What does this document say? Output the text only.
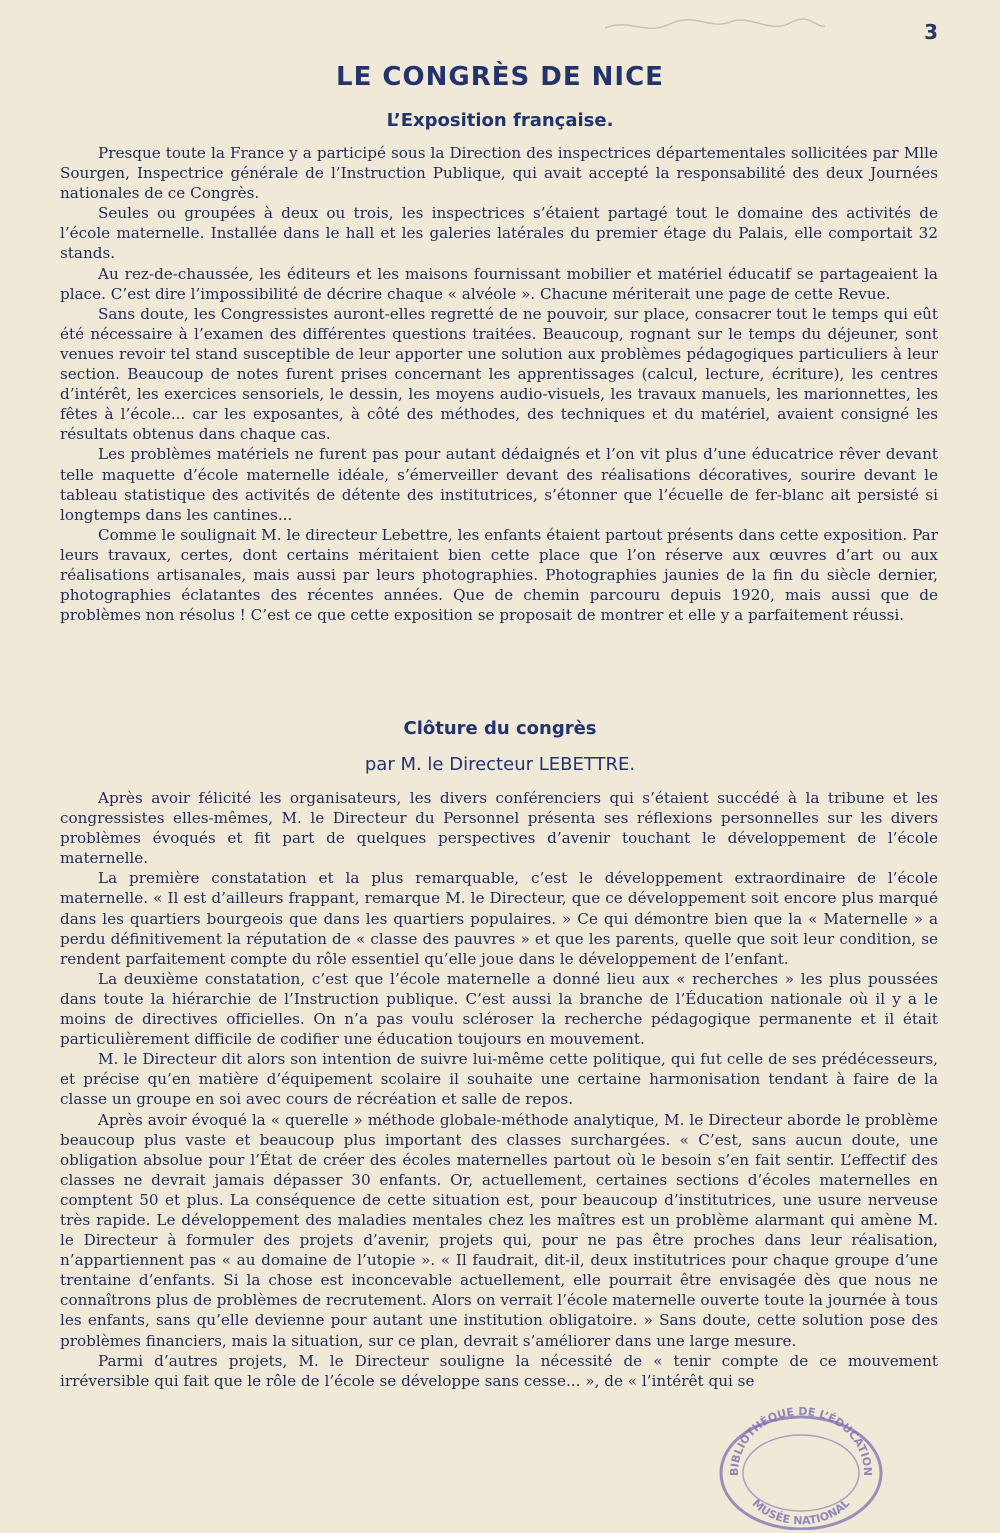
3
LE CONGRÈS DE NICE
L’Exposition française.

Presque toute la France y a participé sous la Direction des inspectrices départementales sollicitées par Mlle Sourgen, Inspectrice générale de l’Instruction Publique, qui avait accepté la responsabilité des deux Journées nationales de ce Congrès.

Seules ou groupées à deux ou trois, les inspectrices s’étaient partagé tout le domaine des activités de l’école maternelle. Installée dans le hall et les galeries latérales du premier étage du Palais, elle comportait 32 stands.

Au rez-de-chaussée, les éditeurs et les maisons fournissant mobilier et matériel éducatif se partageaient la place. C’est dire l’impossibilité de décrire chaque « alvéole ». Chacune mériterait une page de cette Revue.

Sans doute, les Congressistes auront-elles regretté de ne pouvoir, sur place, consacrer tout le temps qui eût été nécessaire à l’examen des différentes questions traitées. Beaucoup, rognant sur le temps du déjeuner, sont venues revoir tel stand susceptible de leur apporter une solution aux problèmes pédagogiques particuliers à leur section. Beaucoup de notes furent prises concernant les apprentissages (calcul, lecture, écriture), les centres d’intérêt, les exercices sensoriels, le dessin, les moyens audio-visuels, les travaux manuels, les marionnettes, les fêtes à l’école... car les exposantes, à côté des méthodes, des techniques et du matériel, avaient consigné les résultats obtenus dans chaque cas.

Les problèmes matériels ne furent pas pour autant dédaignés et l’on vit plus d’une éducatrice rêver devant telle maquette d’école maternelle idéale, s’émerveiller devant des réalisations décoratives, sourire devant le tableau statistique des activités de détente des institutrices, s’étonner que l’écuelle de fer-blanc ait persisté si longtemps dans les cantines...

Comme le soulignait M. le directeur Lebettre, les enfants étaient partout présents dans cette exposition. Par leurs travaux, certes, dont certains méritaient bien cette place que l’on réserve aux œuvres d’art ou aux réalisations artisanales, mais aussi par leurs photographies. Photographies jaunies de la fin du siècle dernier, photographies éclatantes des récentes années. Que de chemin parcouru depuis 1920, mais aussi que de problèmes non résolus ! C’est ce que cette exposition se proposait de montrer et elle y a parfaitement réussi.

Clôture du congrès
par M. le Directeur LEBETTRE.

Après avoir félicité les organisateurs, les divers conférenciers qui s’étaient succédé à la tribune et les congressistes elles-mêmes, M. le Directeur du Personnel présenta ses réflexions personnelles sur les divers problèmes évoqués et fit part de quelques perspectives d’avenir touchant le développement de l’école maternelle.

La première constatation et la plus remarquable, c’est le développement extraordinaire de l’école maternelle. « Il est d’ailleurs frappant, remarque M. le Directeur, que ce développement soit encore plus marqué dans les quartiers bourgeois que dans les quartiers populaires. » Ce qui démontre bien que la « Maternelle » a perdu définitivement la réputation de « classe des pauvres » et que les parents, quelle que soit leur condition, se rendent parfaitement compte du rôle essentiel qu’elle joue dans le développement de l’enfant.

La deuxième constatation, c’est que l’école maternelle a donné lieu aux « recherches » les plus poussées dans toute la hiérarchie de l’Instruction publique. C’est aussi la branche de l’Éducation nationale où il y a le moins de directives officielles. On n’a pas voulu scléroser la recherche pédagogique permanente et il était particulièrement difficile de codifier une éducation toujours en mouvement.

M. le Directeur dit alors son intention de suivre lui-même cette politique, qui fut celle de ses prédécesseurs, et précise qu’en matière d’équipement scolaire il souhaite une certaine harmonisation tendant à faire de la classe un groupe en soi avec cours de récréation et salle de repos.

Après avoir évoqué la « querelle » méthode globale-méthode analytique, M. le Directeur aborde le problème beaucoup plus vaste et beaucoup plus important des classes surchargées. « C’est, sans aucun doute, une obligation absolue pour l’État de créer des écoles maternelles partout où le besoin s’en fait sentir. L’effectif des classes ne devrait jamais dépasser 30 enfants. Or, actuellement, certaines sections d’écoles maternelles en comptent 50 et plus. La conséquence de cette situation est, pour beaucoup d’institutrices, une usure nerveuse très rapide. Le développement des maladies mentales chez les maîtres est un problème alarmant qui amène M. le Directeur à formuler des projets d’avenir, projets qui, pour ne pas être proches dans leur réalisation, n’appartiennent pas « au domaine de l’utopie ». « Il faudrait, dit-il, deux institutrices pour chaque groupe d’une trentaine d’enfants. Si la chose est inconcevable actuellement, elle pourrait être envisagée dès que nous ne connaîtrons plus de problèmes de recrutement. Alors on verrait l’école maternelle ouverte toute la journée à tous les enfants, sans qu’elle devienne pour autant une institution obligatoire. » Sans doute, cette solution pose des problèmes financiers, mais la situation, sur ce plan, devrait s’améliorer dans une large mesure.

Parmi d’autres projets, M. le Directeur souligne la nécessité de « tenir compte de ce mouvement irréversible qui fait que le rôle de l’école se développe sans cesse... », de « l’intérêt qui se

BIBLIOTHÈQUE DE L’ÉDUCATION
MUSÉE NATIONAL
